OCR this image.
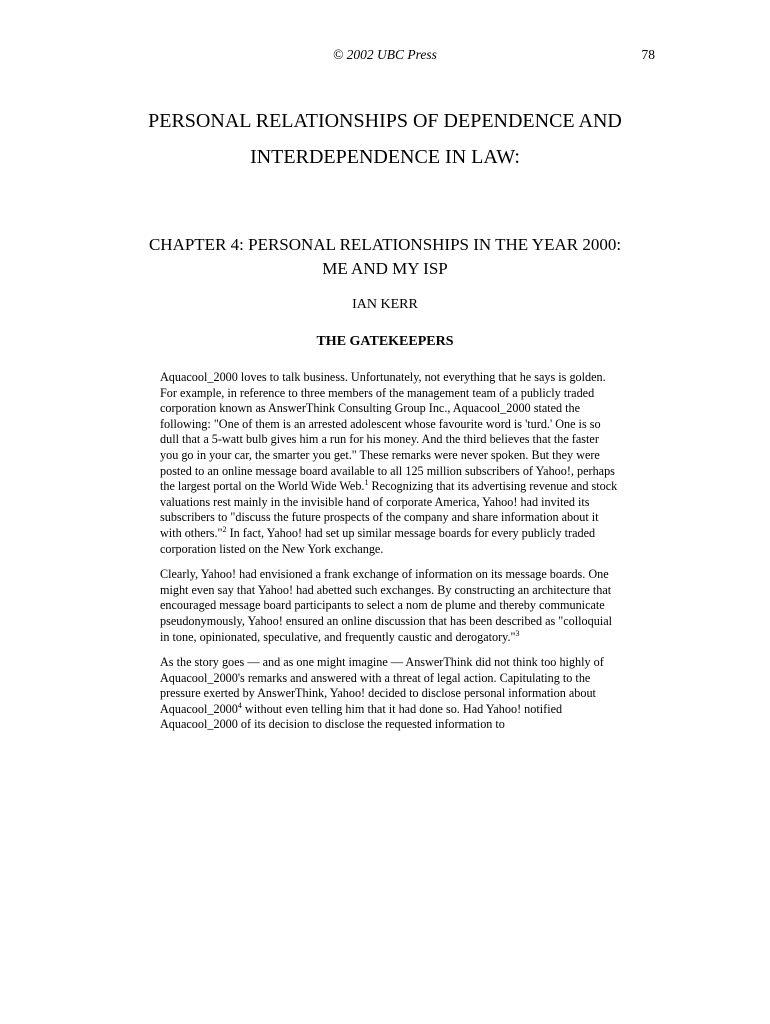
© 2002 UBC Press	78
PERSONAL RELATIONSHIPS OF DEPENDENCE AND INTERDEPENDENCE IN LAW:
CHAPTER 4: PERSONAL RELATIONSHIPS IN THE YEAR 2000: ME AND MY ISP
IAN KERR
THE GATEKEEPERS

Aquacool_2000 loves to talk business. Unfortunately, not everything that he says is golden. For example, in reference to three members of the management team of a publicly traded corporation known as AnswerThink Consulting Group Inc., Aquacool_2000 stated the following: "One of them is an arrested adolescent whose favourite word is 'turd.' One is so dull that a 5-watt bulb gives him a run for his money. And the third believes that the faster you go in your car, the smarter you get." These remarks were never spoken. But they were posted to an online message board available to all 125 million subscribers of Yahoo!, perhaps the largest portal on the World Wide Web.$^1$ Recognizing that its advertising revenue and stock valuations rest mainly in the invisible hand of corporate America, Yahoo! had invited its subscribers to "discuss the future prospects of the company and share information about it with others."$^2$ In fact, Yahoo! had set up similar message boards for every publicly traded corporation listed on the New York exchange.

Clearly, Yahoo! had envisioned a frank exchange of information on its message boards. One might even say that Yahoo! had abetted such exchanges. By constructing an architecture that encouraged message board participants to select a nom de plume and thereby communicate pseudonymously, Yahoo! ensured an online discussion that has been described as "colloquial in tone, opinionated, speculative, and frequently caustic and derogatory."$^3$

As the story goes — and as one might imagine — AnswerThink did not think too highly of Aquacool_2000's remarks and answered with a threat of legal action. Capitulating to the pressure exerted by AnswerThink, Yahoo! decided to disclose personal information about Aquacool_2000$^4$ without even telling him that it had done so. Had Yahoo! notified Aquacool_2000 of its decision to disclose the requested information to
